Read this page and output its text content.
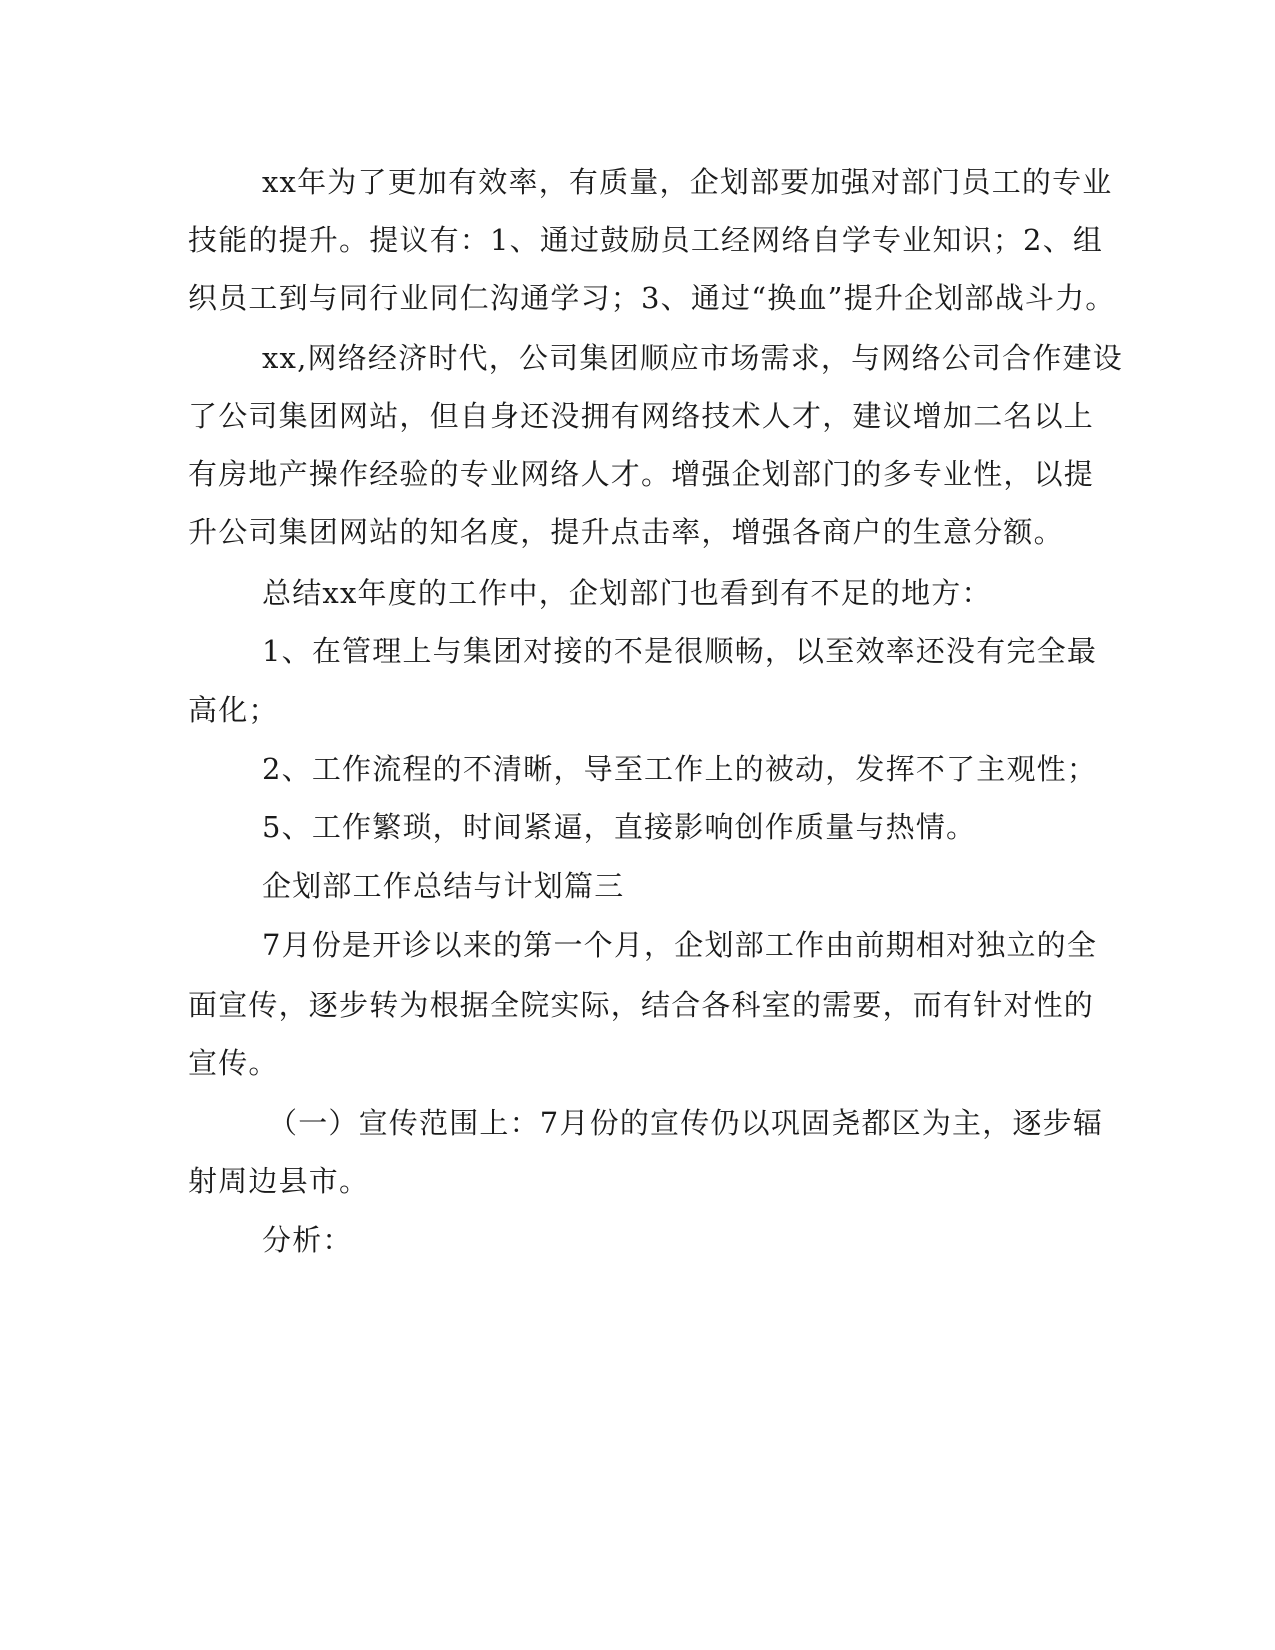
xx年为了更加有效率，有质量，企划部要加强对部门员工的专业
技能的提升。提议有：1、通过鼓励员工经网络自学专业知识；2、组
织员工到与同行业同仁沟通学习；3、通过“换血”提升企划部战斗力。
xx,网络经济时代，公司集团顺应市场需求，与网络公司合作建设
了公司集团网站，但自身还没拥有网络技术人才，建议增加二名以上
有房地产操作经验的专业网络人才。增强企划部门的多专业性，以提
升公司集团网站的知名度，提升点击率，增强各商户的生意分额。
总结xx年度的工作中，企划部门也看到有不足的地方：
1、在管理上与集团对接的不是很顺畅，以至效率还没有完全最
高化；
2、工作流程的不清晰，导至工作上的被动，发挥不了主观性；
5、工作繁琐，时间紧逼，直接影响创作质量与热情。
企划部工作总结与计划篇三
7月份是开诊以来的第一个月，企划部工作由前期相对独立的全
面宣传，逐步转为根据全院实际，结合各科室的需要，而有针对性的
宣传。
（一）宣传范围上：7月份的宣传仍以巩固尧都区为主，逐步辐
射周边县市。
分析：
